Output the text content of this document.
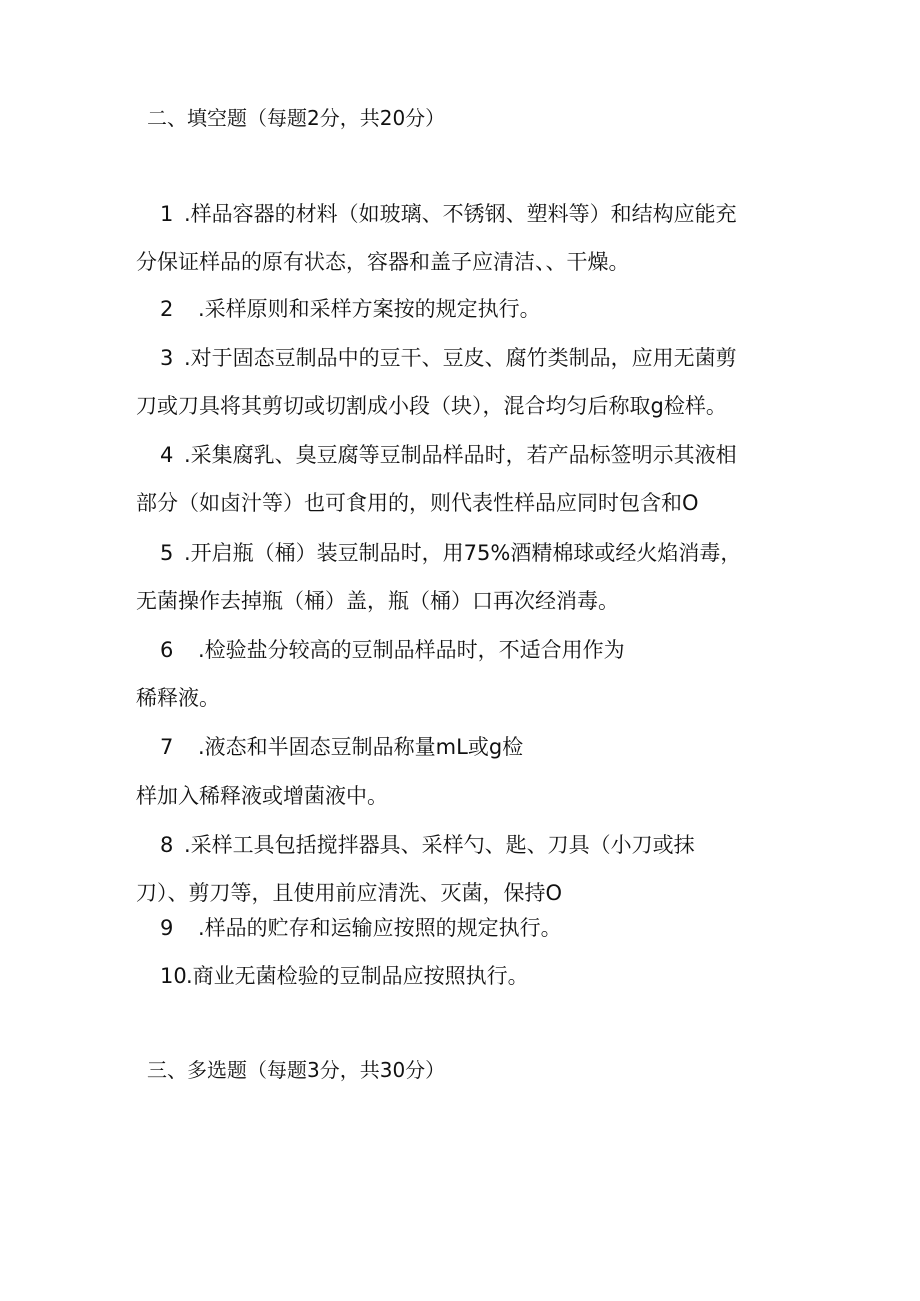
二、填空题（每题2分，共20分）
1 .样品容器的材料（如玻璃、不锈钢、塑料等）和结构应能充
分保证样品的原有状态，容器和盖子应清洁、、干燥。
2 .采样原则和采样方案按的规定执行。
3 .对于固态豆制品中的豆干、豆皮、腐竹类制品，应用无菌剪
刀或刀具将其剪切或切割成小段（块），混合均匀后称取g检样。
4 .采集腐乳、臭豆腐等豆制品样品时，若产品标签明示其液相
部分（如卤汁等）也可食用的，则代表性样品应同时包含和O
5 .开启瓶（桶）装豆制品时，用75%酒精棉球或经火焰消毒，
无菌操作去掉瓶（桶）盖，瓶（桶）口再次经消毒。
6 .检验盐分较高的豆制品样品时，不适合用作为
稀释液。
7 .液态和半固态豆制品称量mL或g检
样加入稀释液或增菌液中。
8 .采样工具包括搅拌器具、采样勺、匙、刀具（小刀或抹
刀）、剪刀等，且使用前应清洗、灭菌，保持O
9 .样品的贮存和运输应按照的规定执行。
10.商业无菌检验的豆制品应按照执行。
三、多选题（每题3分，共30分）
